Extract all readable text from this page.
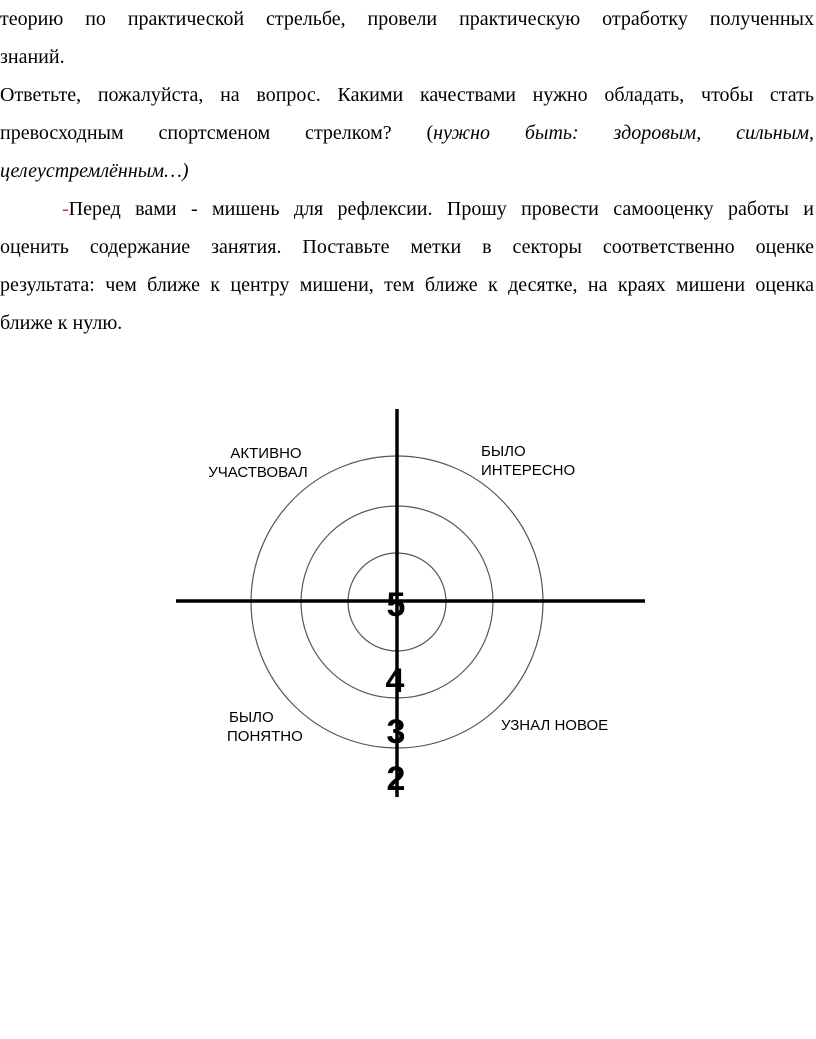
теорию по практической стрельбе, провели практическую отработку полученных
знаний.
Ответьте, пожалуйста, на вопрос. Какими качествами нужно обладать, чтобы стать
превосходным спортсменом стрелком? (нужно быть: здоровым, сильным,
целеустремлённым…)
-Перед вами - мишень для рефлексии. Прошу провести самооценку работы и
оценить содержание занятия. Поставьте метки в секторы соответственно оценке
результата: чем ближе к центру мишени, тем ближе к десятке, на краях мишени оценка
ближе к нулю.
АКТИВНО
УЧАСТВОВАЛ
БЫЛО
ИНТЕРЕСНО
БЫЛО
ПОНЯТНО
УЗНАЛ НОВОЕ
5
4
3
2
